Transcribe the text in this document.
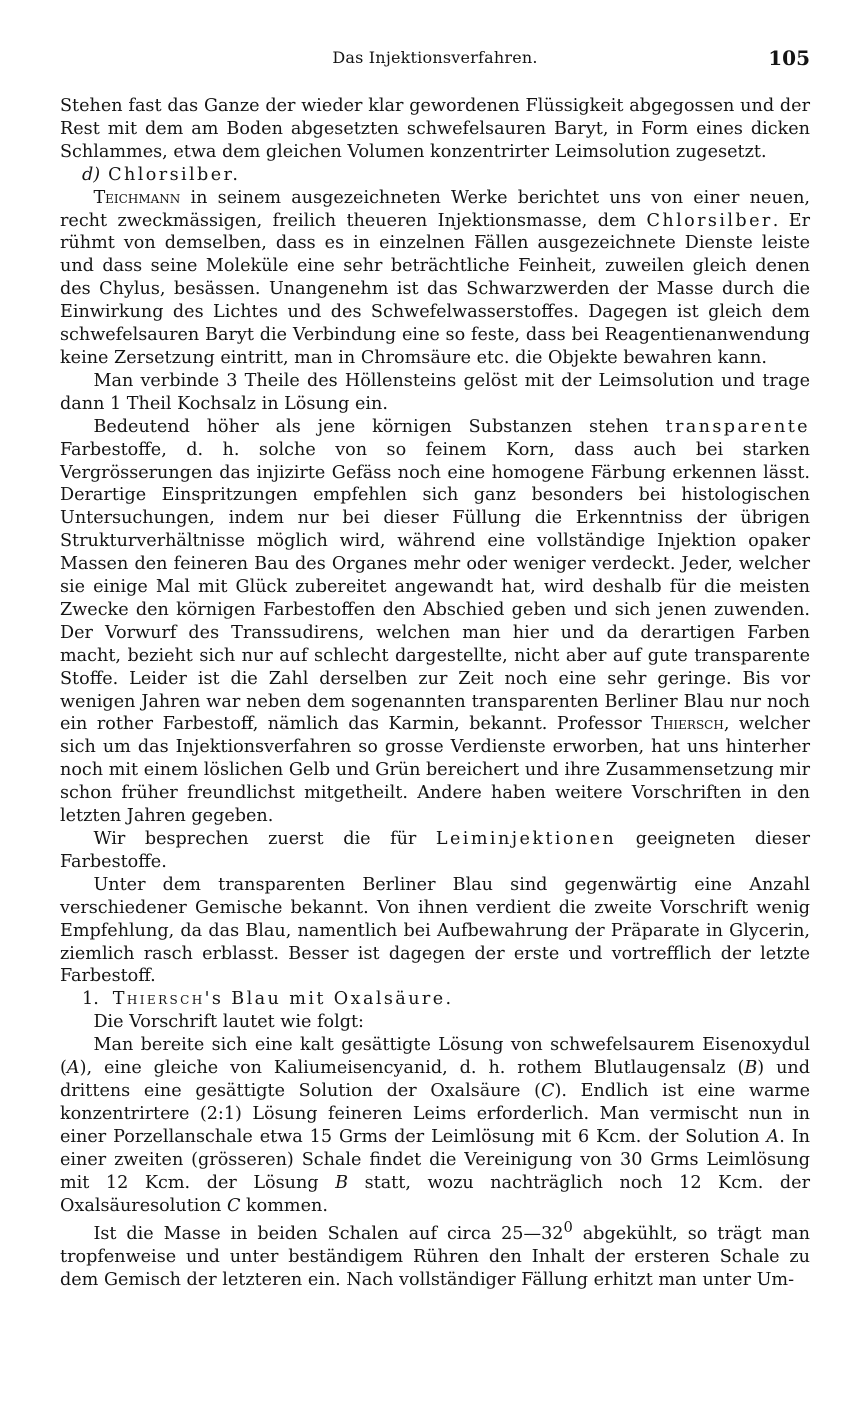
Das Injektionsverfahren.	105

Stehen fast das Ganze der wieder klar gewordenen Flüssigkeit abgegossen und der Rest mit dem am Boden abgesetzten schwefelsauren Baryt, in Form eines dicken Schlammes, etwa dem gleichen Volumen konzentrirter Leimsolution zugesetzt.

d) Chlorsilber.

Teichmann in seinem ausgezeichneten Werke berichtet uns von einer neuen, recht zweckmässigen, freilich theueren Injektionsmasse, dem Chlorsilber. Er rühmt von demselben, dass es in einzelnen Fällen ausgezeichnete Dienste leiste und dass seine Moleküle eine sehr beträchtliche Feinheit, zuweilen gleich denen des Chylus, besässen. Unangenehm ist das Schwarzwerden der Masse durch die Einwirkung des Lichtes und des Schwefelwasserstoffes. Dagegen ist gleich dem schwefelsauren Baryt die Verbindung eine so feste, dass bei Reagentienanwendung keine Zersetzung eintritt, man in Chromsäure etc. die Objekte bewahren kann.

Man verbinde 3 Theile des Höllensteins gelöst mit der Leimsolution und trage dann 1 Theil Kochsalz in Lösung ein.

Bedeutend höher als jene körnigen Substanzen stehen transparente Farbestoffe, d. h. solche von so feinem Korn, dass auch bei starken Vergrösserungen das injizirte Gefäss noch eine homogene Färbung erkennen lässt. Derartige Einspritzungen empfehlen sich ganz besonders bei histologischen Untersuchungen, indem nur bei dieser Füllung die Erkenntniss der übrigen Strukturverhältnisse möglich wird, während eine vollständige Injektion opaker Massen den feineren Bau des Organes mehr oder weniger verdeckt. Jeder, welcher sie einige Mal mit Glück zubereitet angewandt hat, wird deshalb für die meisten Zwecke den körnigen Farbestoffen den Abschied geben und sich jenen zuwenden. Der Vorwurf des Transsudirens, welchen man hier und da derartigen Farben macht, bezieht sich nur auf schlecht dargestellte, nicht aber auf gute transparente Stoffe. Leider ist die Zahl derselben zur Zeit noch eine sehr geringe. Bis vor wenigen Jahren war neben dem sogenannten transparenten Berliner Blau nur noch ein rother Farbestoff, nämlich das Karmin, bekannt. Professor Thiersch, welcher sich um das Injektionsverfahren so grosse Verdienste erworben, hat uns hinterher noch mit einem löslichen Gelb und Grün bereichert und ihre Zusammensetzung mir schon früher freundlichst mitgetheilt. Andere haben weitere Vorschriften in den letzten Jahren gegeben.

Wir besprechen zuerst die für Leiminjektionen geeigneten dieser Farbestoffe.

Unter dem transparenten Berliner Blau sind gegenwärtig eine Anzahl verschiedener Gemische bekannt. Von ihnen verdient die zweite Vorschrift wenig Empfehlung, da das Blau, namentlich bei Aufbewahrung der Präparate in Glycerin, ziemlich rasch erblasst. Besser ist dagegen der erste und vortrefflich der letzte Farbestoff.

1. Thiersch's Blau mit Oxalsäure.

Die Vorschrift lautet wie folgt:

Man bereite sich eine kalt gesättigte Lösung von schwefelsaurem Eisenoxydul (A), eine gleiche von Kaliumeisencyanid, d. h. rothem Blutlaugensalz (B) und drittens eine gesättigte Solution der Oxalsäure (C). Endlich ist eine warme konzentrirtere (2:1) Lösung feineren Leims erforderlich. Man vermischt nun in einer Porzellanschale etwa 15 Grms der Leimlösung mit 6 Kcm. der Solution A. In einer zweiten (grösseren) Schale findet die Vereinigung von 30 Grms Leimlösung mit 12 Kcm. der Lösung B statt, wozu nachträglich noch 12 Kcm. der Oxalsäuresolution C kommen.

Ist die Masse in beiden Schalen auf circa $25—32^0$ abgekühlt, so trägt man tropfenweise und unter beständigem Rühren den Inhalt der ersteren Schale zu dem Gemisch der letzteren ein. Nach vollständiger Fällung erhitzt man unter Um-
